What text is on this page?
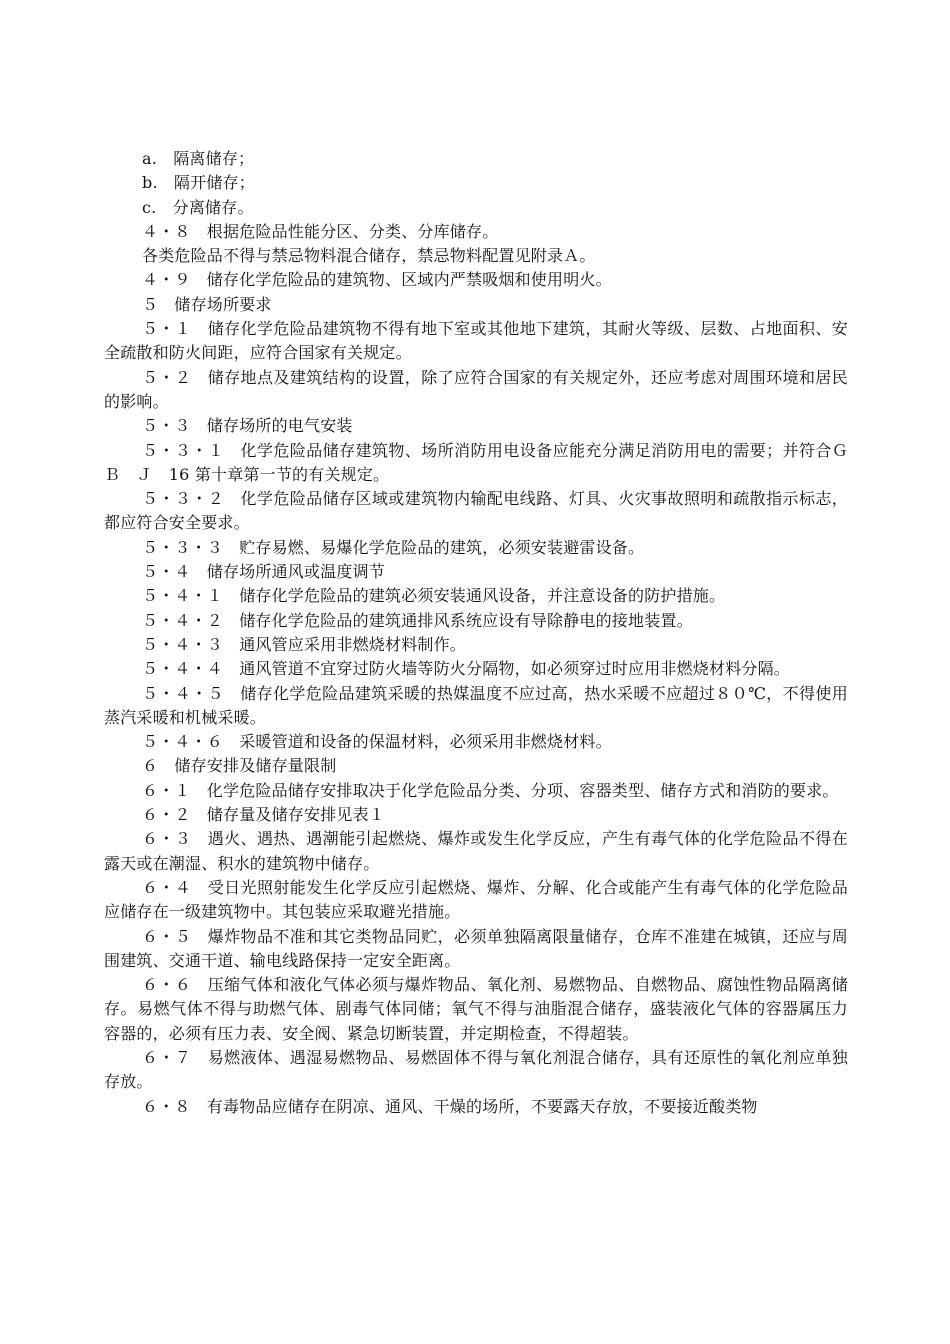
a.　隔离储存；

b.　隔开储存；

c.　分离储存。

４・８　根据危险品性能分区、分类、分库储存。

各类危险品不得与禁忌物料混合储存，禁忌物料配置见附录Ａ。

４・９　储存化学危险品的建筑物、区域内严禁吸烟和使用明火。

５　储存场所要求

５・１　储存化学危险品建筑物不得有地下室或其他地下建筑，其耐火等级、层数、占地面积、安全疏散和防火间距，应符合国家有关规定。

５・２　储存地点及建筑结构的设置，除了应符合国家的有关规定外，还应考虑对周围环境和居民的影响。

５・３　储存场所的电气安装

５・３・１　化学危险品储存建筑物、场所消防用电设备应能充分满足消防用电的需要；并符合ＧＢ　Ｊ　16 第十章第一节的有关规定。

５・３・２　化学危险品储存区域或建筑物内输配电线路、灯具、火灾事故照明和疏散指示标志，都应符合安全要求。

５・３・３　贮存易燃、易爆化学危险品的建筑，必须安装避雷设备。

５・４　储存场所通风或温度调节

５・４・１　储存化学危险品的建筑必须安装通风设备，并注意设备的防护措施。

５・４・２　储存化学危险品的建筑通排风系统应设有导除静电的接地装置。

５・４・３　通风管应采用非燃烧材料制作。

５・４・４　通风管道不宜穿过防火墙等防火分隔物，如必须穿过时应用非燃烧材料分隔。

５・４・５　储存化学危险品建筑采暖的热媒温度不应过高，热水采暖不应超过８０℃，不得使用蒸汽采暖和机械采暖。

５・４・６　采暖管道和设备的保温材料，必须采用非燃烧材料。

６　储存安排及储存量限制

６・１　化学危险品储存安排取决于化学危险品分类、分项、容器类型、储存方式和消防的要求。

６・２　储存量及储存安排见表１

６・３　遇火、遇热、遇潮能引起燃烧、爆炸或发生化学反应，产生有毒气体的化学危险品不得在露天或在潮湿、积水的建筑物中储存。

６・４　受日光照射能发生化学反应引起燃烧、爆炸、分解、化合或能产生有毒气体的化学危险品应储存在一级建筑物中。其包装应采取避光措施。

６・５　爆炸物品不准和其它类物品同贮，必须单独隔离限量储存，仓库不准建在城镇，还应与周围建筑、交通干道、输电线路保持一定安全距离。

６・６　压缩气体和液化气体必须与爆炸物品、氧化剂、易燃物品、自燃物品、腐蚀性物品隔离储存。易燃气体不得与助燃气体、剧毒气体同储；氧气不得与油脂混合储存，盛装液化气体的容器属压力容器的，必须有压力表、安全阀、紧急切断装置，并定期检查，不得超装。

６・７　易燃液体、遇湿易燃物品、易燃固体不得与氧化剂混合储存，具有还原性的氧化剂应单独存放。

６・８　有毒物品应储存在阴凉、通风、干燥的场所，不要露天存放，不要接近酸类物
